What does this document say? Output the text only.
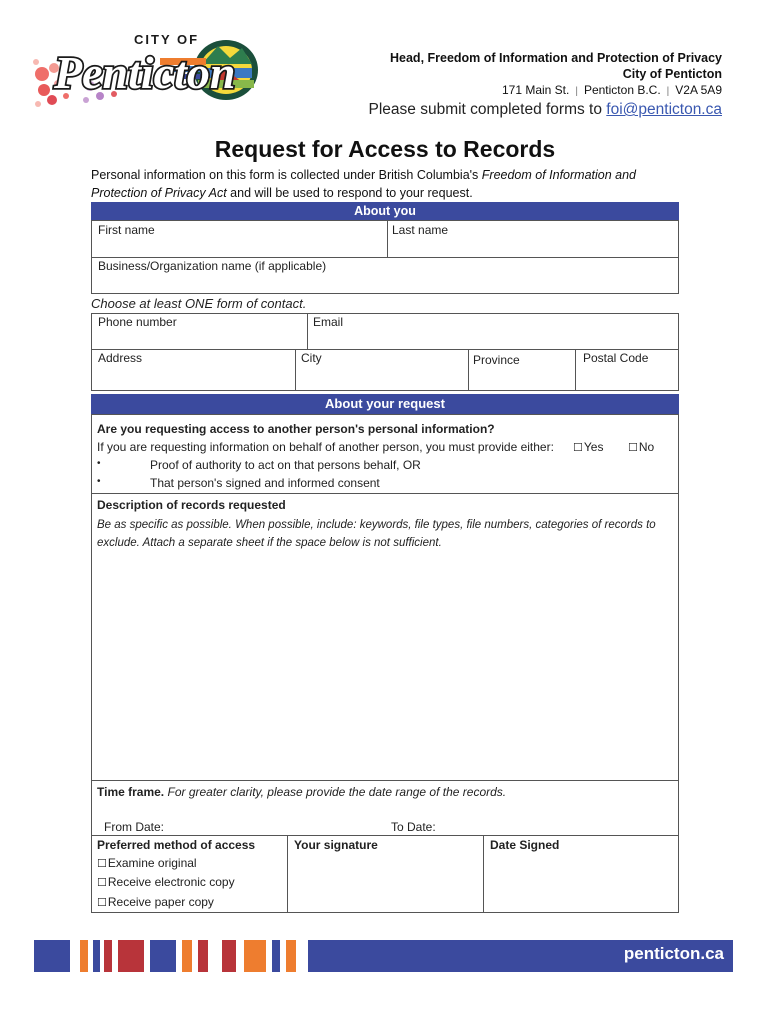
CITY OF
Penticton	Head, Freedom of Information and Protection of Privacy
City of Penticton
171 Main St. | Penticton B.C. | V2A 5A9
Please submit completed forms to foi@penticton.ca
Request for Access to Records
Personal information on this form is collected under British Columbia's Freedom of Information and Protection of Privacy Act and will be used to respond to your request.
About you
First name	Last name
Business/Organization name (if applicable)
Choose at least ONE form of contact.
Phone number	Email
Address	City	Province	Postal Code
About your request
Are you requesting access to another person's personal information?
If you are requesting information on behalf of another person, you must provide either: ☐Yes ☐No
•	Proof of authority to act on that persons behalf, OR
•	That person's signed and informed consent
Description of records requested
Be as specific as possible. When possible, include: keywords, file types, file numbers, categories of records to exclude. Attach a separate sheet if the space below is not sufficient.
Time frame. For greater clarity, please provide the date range of the records.
From Date:	To Date:
Preferred method of access
☐Examine original
☐Receive electronic copy
☐Receive paper copy
Your signature	Date Signed
penticton.ca
